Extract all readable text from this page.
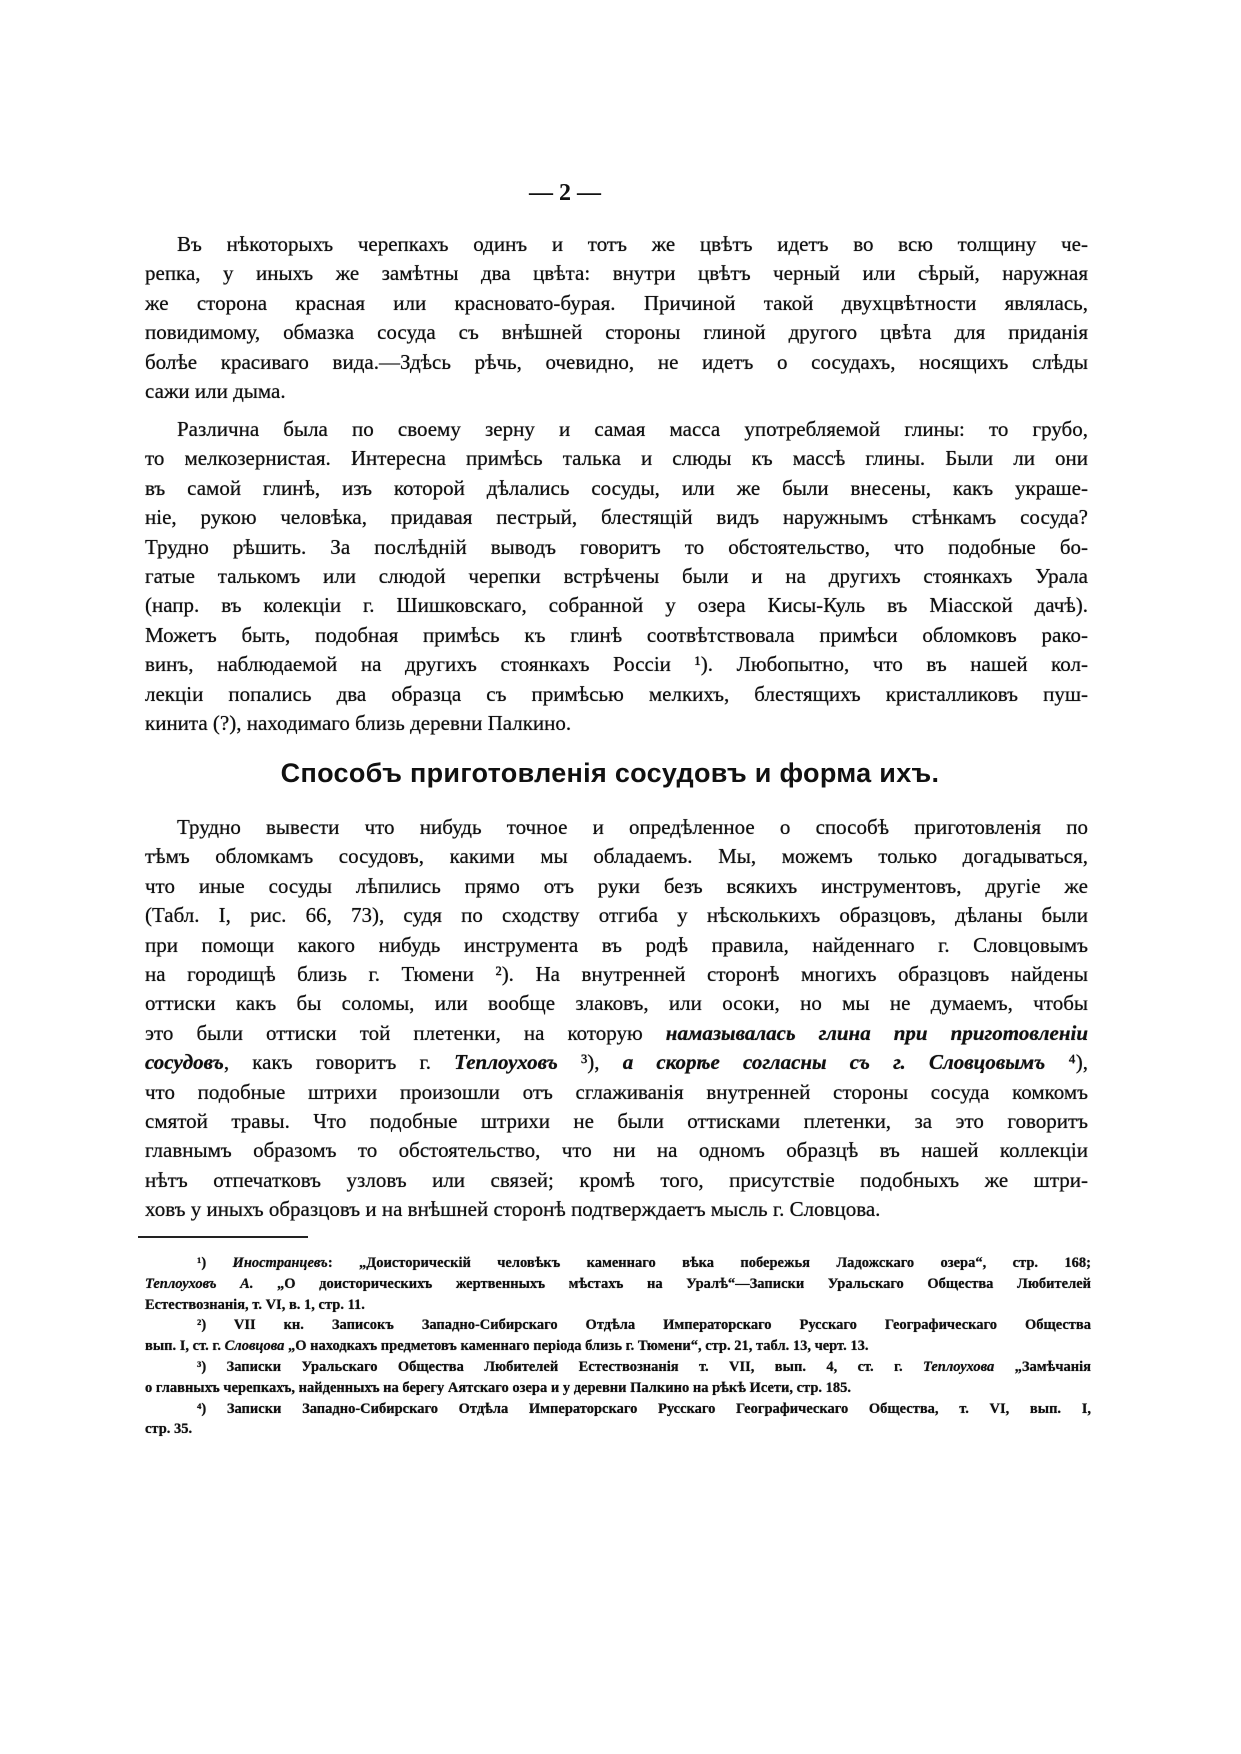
— 2 —
Въ нѣкоторыхъ черепкахъ одинъ и тотъ же цвѣтъ идетъ во всю толщину че-
репка, у иныхъ же замѣтны два цвѣта: внутри цвѣтъ черный или сѣрый, наружная
же сторона красная или красновато-бурая. Причиной такой двухцвѣтности являлась,
повидимому, обмазка сосуда съ внѣшней стороны глиной другого цвѣта для приданія
болѣе красиваго вида.—Здѣсь рѣчь, очевидно, не идетъ о сосудахъ, носящихъ слѣды
сажи или дыма.
Различна была по своему зерну и самая масса употребляемой глины: то грубо,
то мелкозернистая. Интересна примѣсь талька и слюды къ массѣ глины. Были ли они
въ самой глинѣ, изъ которой дѣлались сосуды, или же были внесены, какъ украше-
ніе, рукою человѣка, придавая пестрый, блестящій видъ наружнымъ стѣнкамъ сосуда?
Трудно рѣшить. За послѣдній выводъ говоритъ то обстоятельство, что подобные бо-
гатые талькомъ или слюдой черепки встрѣчены были и на другихъ стоянкахъ Урала
(напр. въ колекціи г. Шишковскаго, собранной у озера Кисы-Куль въ Міасской дачѣ).
Можетъ быть, подобная примѣсь къ глинѣ соотвѣтствовала примѣси обломковъ рако-
винъ, наблюдаемой на другихъ стоянкахъ Россіи ¹). Любопытно, что въ нашей кол-
лекціи попались два образца съ примѣсью мелкихъ, блестящихъ кристалликовъ пуш-
кинита (?), находимаго близь деревни Палкино.
Способъ приготовленія сосудовъ и форма ихъ.
Трудно вывести что нибудь точное и опредѣленное о способѣ приготовленія по
тѣмъ обломкамъ сосудовъ, какими мы обладаемъ. Мы, можемъ только догадываться,
что иные сосуды лѣпились прямо отъ руки безъ всякихъ инструментовъ, другіе же
(Табл. I, рис. 66, 73), судя по сходству отгиба у нѣсколькихъ образцовъ, дѣланы были
при помощи какого нибудь инструмента въ родѣ правила, найденнаго г. Словцовымъ
на городищѣ близь г. Тюмени ²). На внутренней сторонѣ многихъ образцовъ найдены
оттиски какъ бы соломы, или вообще злаковъ, или осоки, но мы не думаемъ, чтобы
это были оттиски той плетенки, на которую намазывалась глина при приготовленіи
сосудовъ, какъ говоритъ г. Теплоуховъ ³), а скорѣе согласны съ г. Словцовымъ ⁴),
что подобные штрихи произошли отъ сглаживанія внутренней стороны сосуда комкомъ
смятой травы. Что подобные штрихи не были оттисками плетенки, за это говоритъ
главнымъ образомъ то обстоятельство, что ни на одномъ образцѣ въ нашей коллекціи
нѣтъ отпечатковъ узловъ или связей; кромѣ того, присутствіе подобныхъ же штри-
ховъ у иныхъ образцовъ и на внѣшней сторонѣ подтверждаетъ мысль г. Словцова.
¹) Иностранцевъ: „Доисторическій человѣкъ каменнаго вѣка побережья Ладожскаго озера“, стр. 168;
Теплоуховъ А. „О доисторическихъ жертвенныхъ мѣстахъ на Уралѣ“—Записки Уральскаго Общества Любителей
Естествознанія, т. VI, в. 1, стр. 11.
²) VII кн. Записокъ Западно-Сибирскаго Отдѣла Императорскаго Русскаго Географическаго Общества
вып. I, ст. г. Словцова „О находкахъ предметовъ каменнаго періода близь г. Тюмени“, стр. 21, табл. 13, черт. 13.
³) Записки Уральскаго Общества Любителей Естествознанія т. VII, вып. 4, ст. г. Теплоухова „Замѣчанія
о главныхъ черепкахъ, найденныхъ на берегу Аятскаго озера и у деревни Палкино на рѣкѣ Исети, стр. 185.
⁴) Записки Западно-Сибирскаго Отдѣла Императорскаго Русскаго Географическаго Общества, т. VI, вып. I,
стр. 35.
